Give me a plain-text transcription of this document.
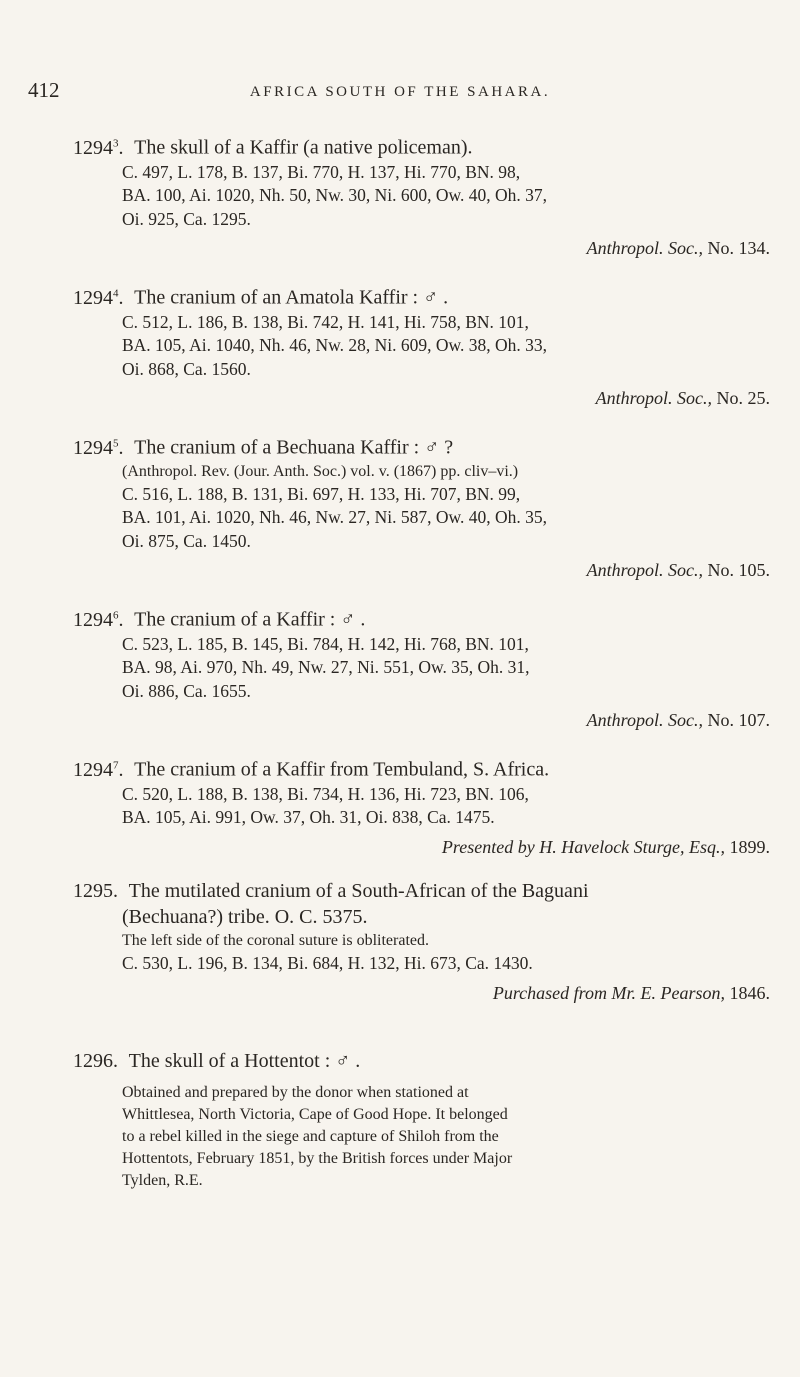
412	AFRICA SOUTH OF THE SAHARA.
1294$^3$. The skull of a Kaffir (a native policeman).
C. 497, L. 178, B. 137, Bi. 770, H. 137, Hi. 770, BN. 98,
BA. 100, Ai. 1020, Nh. 50, Nw. 30, Ni. 600, Ow. 40, Oh. 37,
Oi. 925, Ca. 1295.
Anthropol. Soc., No. 134.
1294$^4$. The cranium of an Amatola Kaffir : ♂ .
C. 512, L. 186, B. 138, Bi. 742, H. 141, Hi. 758, BN. 101,
BA. 105, Ai. 1040, Nh. 46, Nw. 28, Ni. 609, Ow. 38, Oh. 33,
Oi. 868, Ca. 1560.
Anthropol. Soc., No. 25.
1294$^5$. The cranium of a Bechuana Kaffir : ♂ ?
(Anthropol. Rev. (Jour. Anth. Soc.) vol. v. (1867) pp. cliv–vi.)
C. 516, L. 188, B. 131, Bi. 697, H. 133, Hi. 707, BN. 99,
BA. 101, Ai. 1020, Nh. 46, Nw. 27, Ni. 587, Ow. 40, Oh. 35,
Oi. 875, Ca. 1450.
Anthropol. Soc., No. 105.
1294$^6$. The cranium of a Kaffir : ♂ .
C. 523, L. 185, B. 145, Bi. 784, H. 142, Hi. 768, BN. 101,
BA. 98, Ai. 970, Nh. 49, Nw. 27, Ni. 551, Ow. 35, Oh. 31,
Oi. 886, Ca. 1655.
Anthropol. Soc., No. 107.
1294$^7$. The cranium of a Kaffir from Tembuland, S. Africa.
C. 520, L. 188, B. 138, Bi. 734, H. 136, Hi. 723, BN. 106,
BA. 105, Ai. 991, Ow. 37, Oh. 31, Oi. 838, Ca. 1475.
Presented by H. Havelock Sturge, Esq., 1899.
1295. The mutilated cranium of a South-African of the Baguani
(Bechuana?) tribe. O. C. 5375.
The left side of the coronal suture is obliterated.
C. 530, L. 196, B. 134, Bi. 684, H. 132, Hi. 673, Ca. 1430.
Purchased from Mr. E. Pearson, 1846.
1296. The skull of a Hottentot : ♂ .
Obtained and prepared by the donor when stationed at
Whittlesea, North Victoria, Cape of Good Hope. It belonged
to a rebel killed in the siege and capture of Shiloh from the
Hottentots, February 1851, by the British forces under Major
Tylden, R.E.
